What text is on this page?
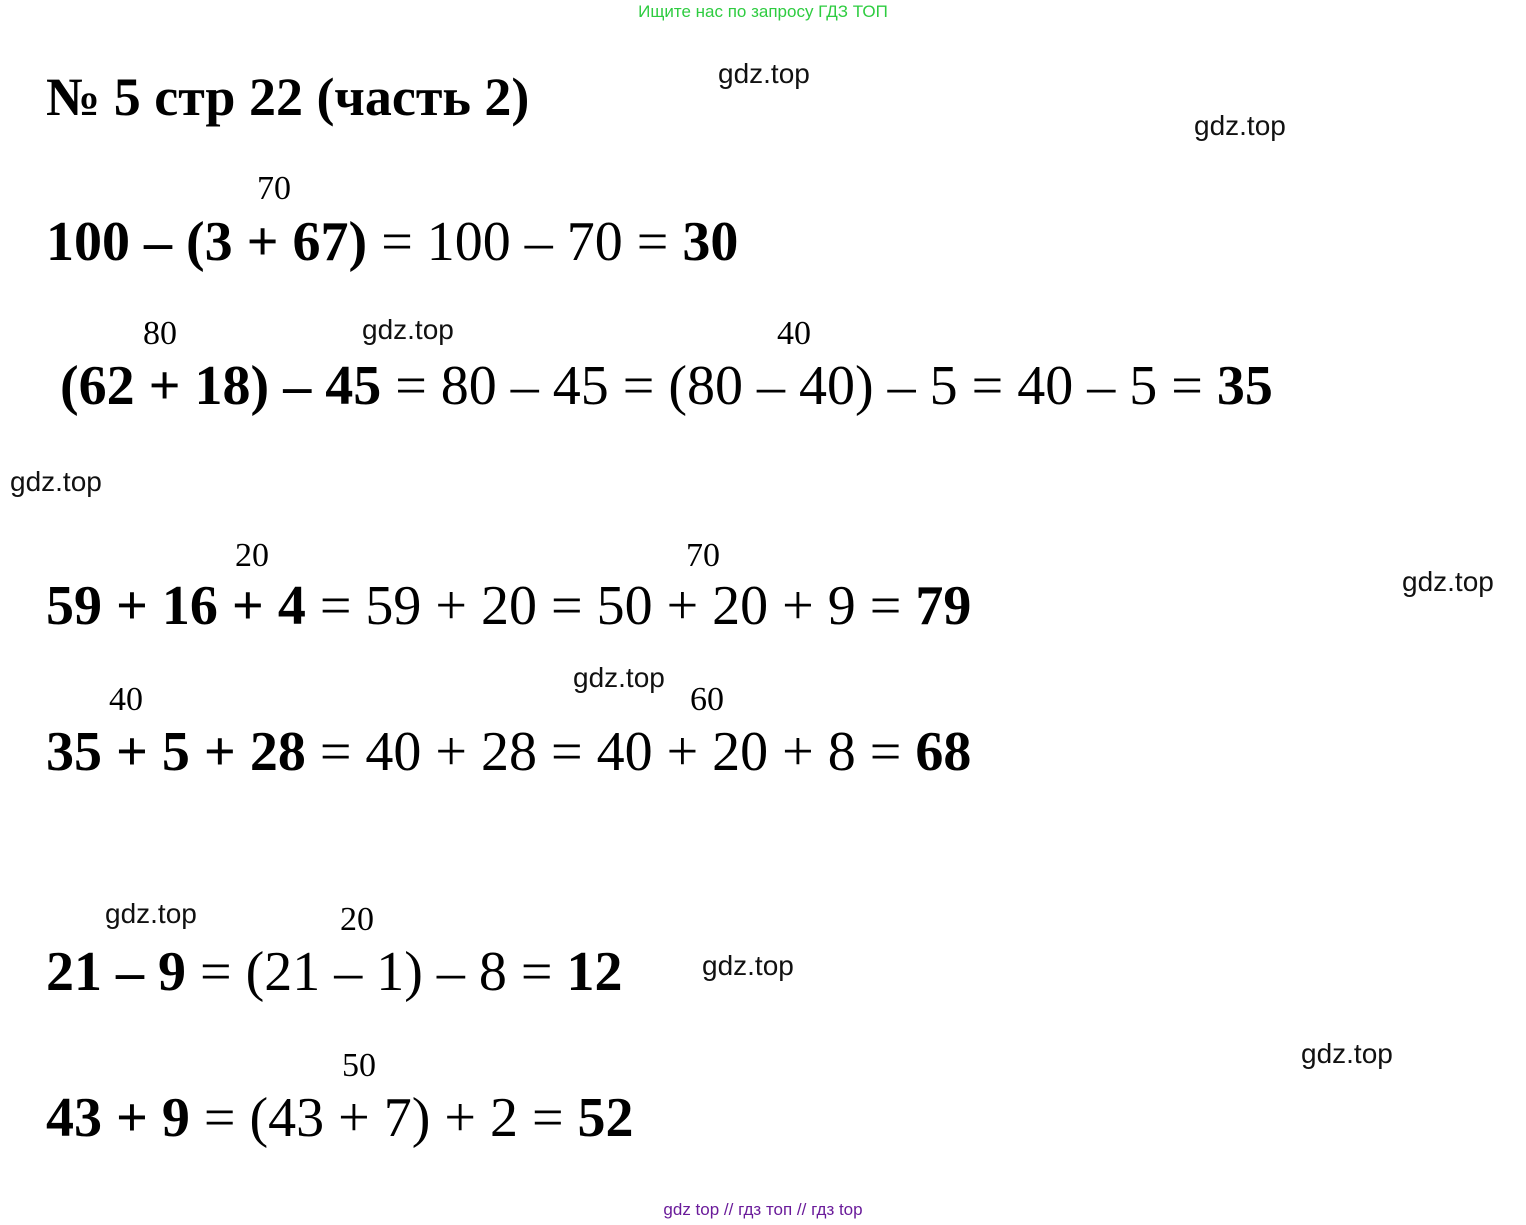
Ищите нас по запросу ГДЗ ТОП
№ 5 стр 22 (часть 2)	gdz.top
gdz.top
gdz.top
gdz.top
gdz.top
gdz.top
gdz.top
gdz.top
gdz.top
70
100 – (3 + 67) = 100 – 70 = 30
80	40
(62 + 18) – 45 = 80 – 45 = (80 – 40) – 5 = 40 – 5 = 35
20	70
59 + 16 + 4 = 59 + 20 = 50 + 20 + 9 = 79
40	60
35 + 5 + 28 = 40 + 28 = 40 + 20 + 8 = 68
20
21 – 9 = (21 – 1) – 8 = 12
50
43 + 9 = (43 + 7) + 2 = 52
gdz top // гдз топ // гдз top
